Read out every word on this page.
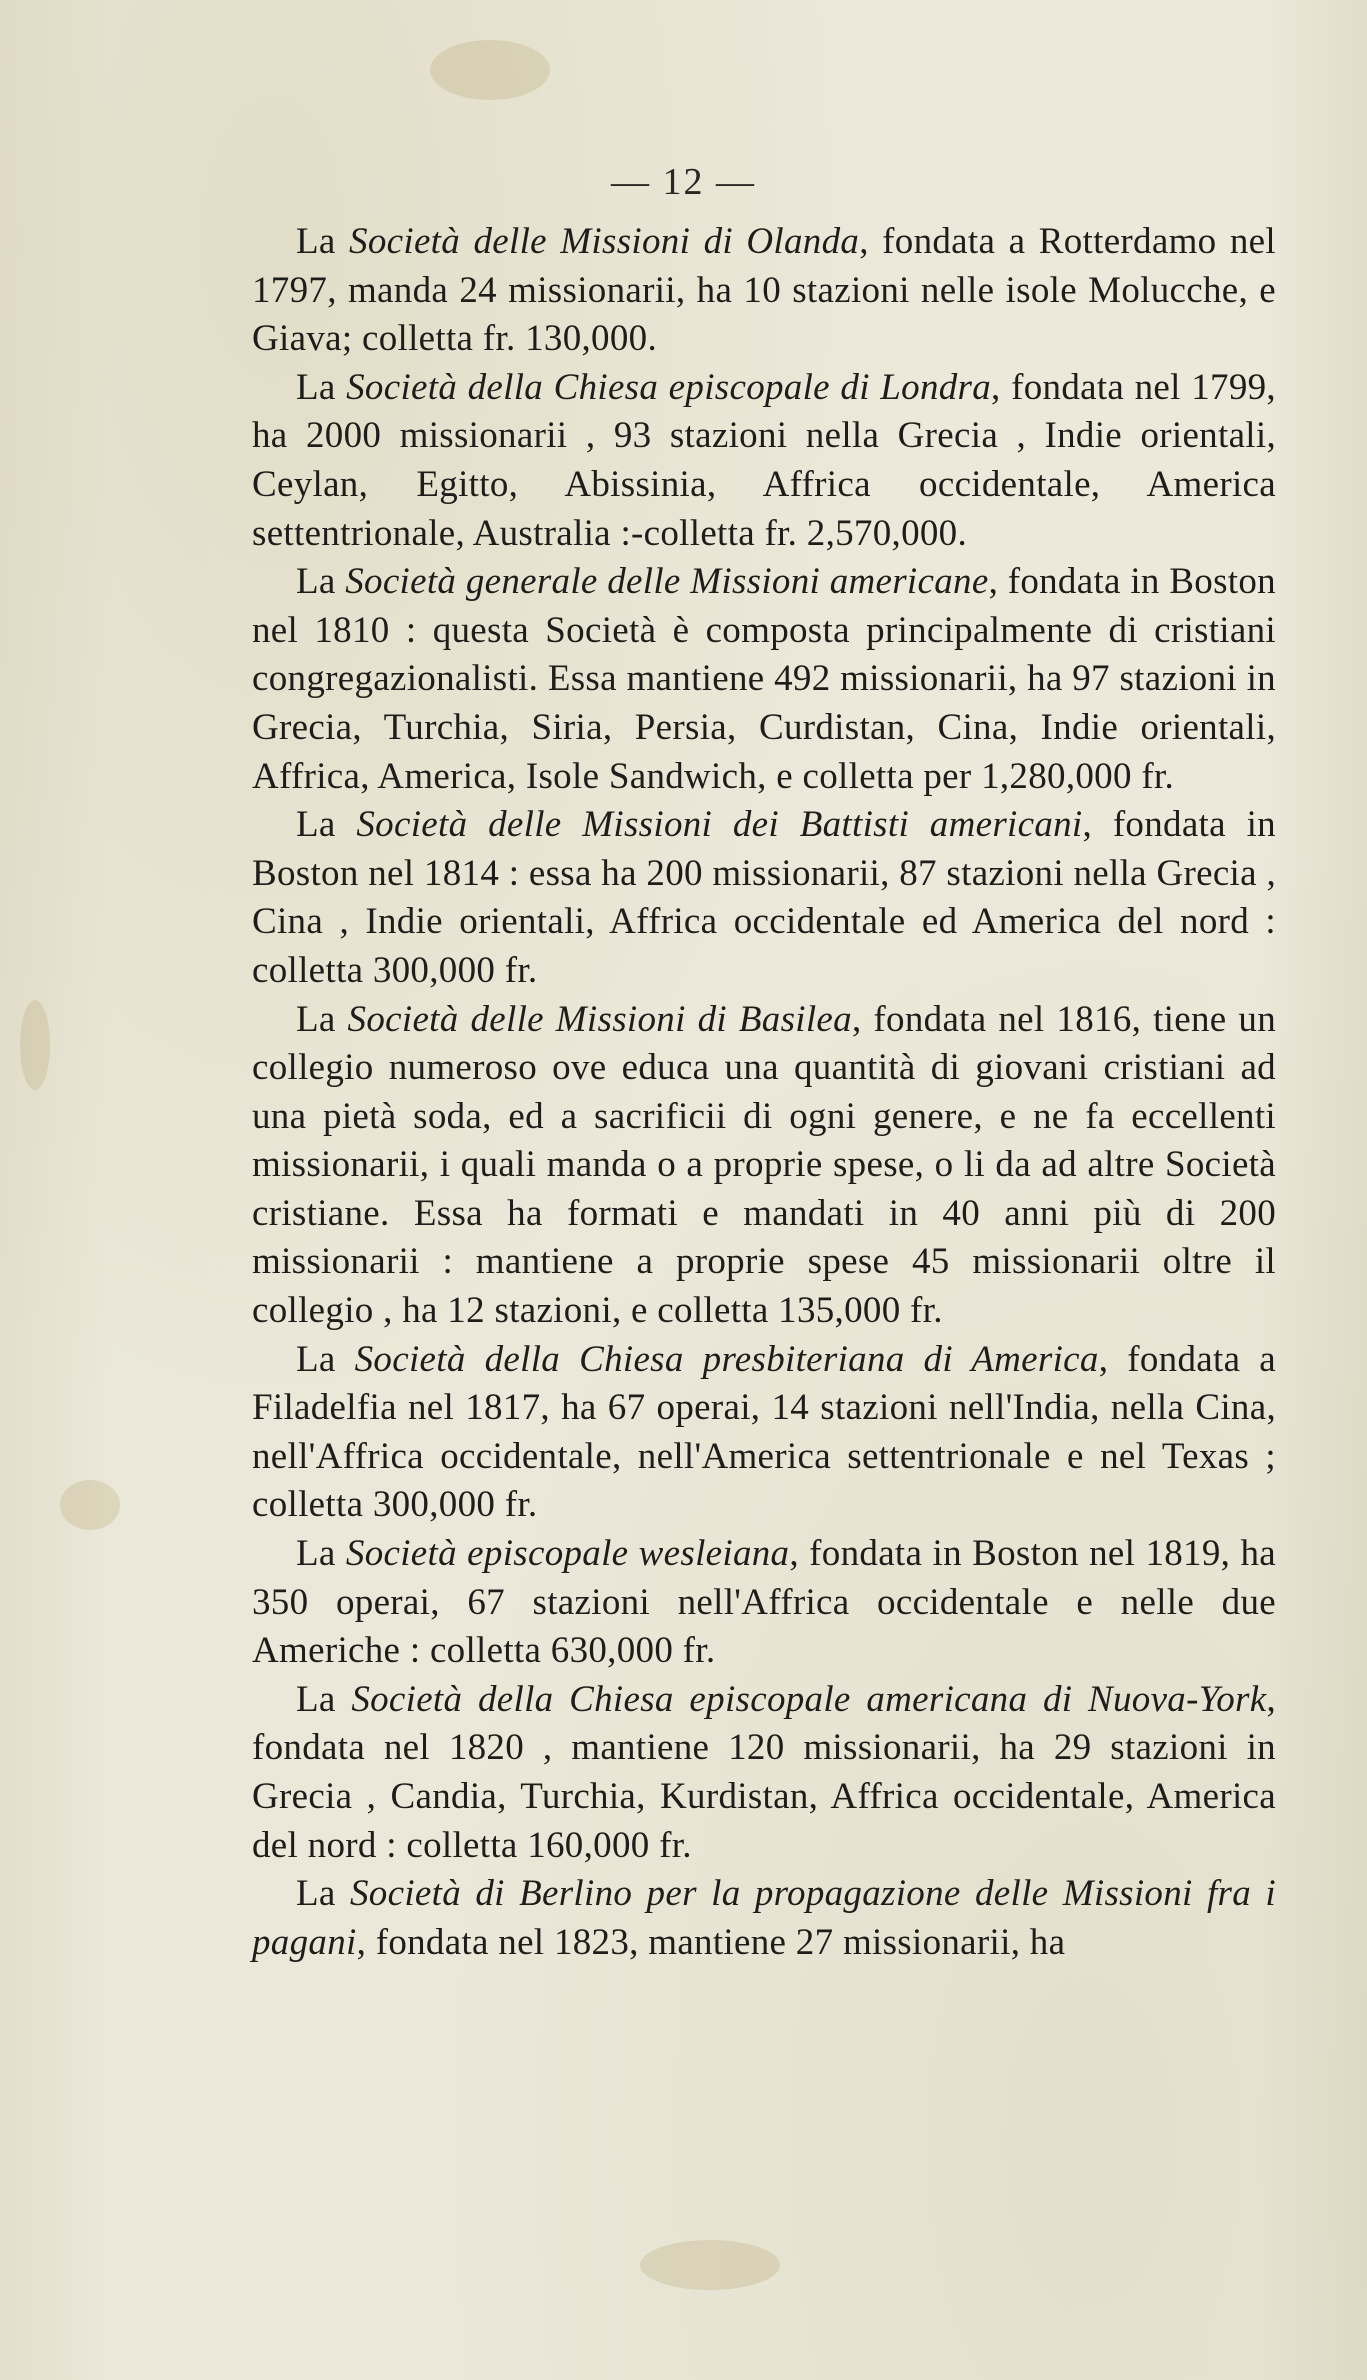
— 12 —

La Società delle Missioni di Olanda, fondata a Rotterdamo nel 1797, manda 24 missionarii, ha 10 stazioni nelle isole Molucche, e Giava; colletta fr. 130,000.

La Società della Chiesa episcopale di Londra, fondata nel 1799, ha 2000 missionarii , 93 stazioni nella Grecia , Indie orientali, Ceylan, Egitto, Abissinia, Affrica occidentale, America settentrionale, Australia :-colletta fr. 2,570,000.

La Società generale delle Missioni americane, fondata in Boston nel 1810 : questa Società è composta principalmente di cristiani congregazionalisti. Essa mantiene 492 missionarii, ha 97 stazioni in Grecia, Turchia, Siria, Persia, Curdistan, Cina, Indie orientali, Affrica, America, Isole Sandwich, e colletta per 1,280,000 fr.

La Società delle Missioni dei Battisti americani, fondata in Boston nel 1814 : essa ha 200 missionarii, 87 stazioni nella Grecia , Cina , Indie orientali, Affrica occidentale ed America del nord : colletta 300,000 fr.

La Società delle Missioni di Basilea, fondata nel 1816, tiene un collegio numeroso ove educa una quantità di giovani cristiani ad una pietà soda, ed a sacrificii di ogni genere, e ne fa eccellenti missionarii, i quali manda o a proprie spese, o li da ad altre Società cristiane. Essa ha formati e mandati in 40 anni più di 200 missionarii : mantiene a proprie spese 45 missionarii oltre il collegio , ha 12 stazioni, e colletta 135,000 fr.

La Società della Chiesa presbiteriana di America, fondata a Filadelfia nel 1817, ha 67 operai, 14 stazioni nell'India, nella Cina, nell'Affrica occidentale, nell'America settentrionale e nel Texas ; colletta 300,000 fr.

La Società episcopale wesleiana, fondata in Boston nel 1819, ha 350 operai, 67 stazioni nell'Affrica occidentale e nelle due Americhe : colletta 630,000 fr.

La Società della Chiesa episcopale americana di Nuova-York, fondata nel 1820 , mantiene 120 missionarii, ha 29 stazioni in Grecia , Candia, Turchia, Kurdistan, Affrica occidentale, America del nord : colletta 160,000 fr.

La Società di Berlino per la propagazione delle Missioni fra i pagani, fondata nel 1823, mantiene 27 missionarii, ha
